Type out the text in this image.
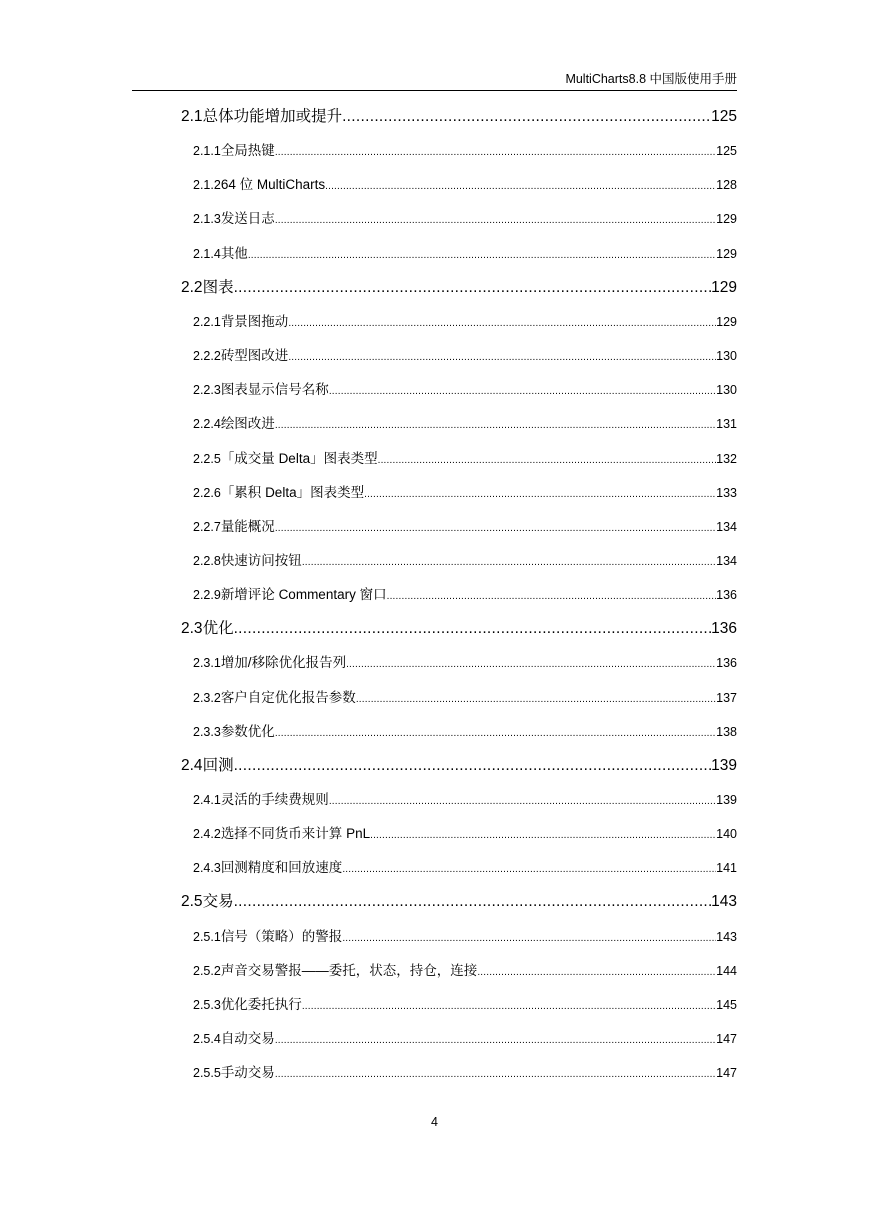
MultiCharts8.8 中国版使用手册
2.1 总体功能增加或提升 .....	125
2.1.1 全局热键 .....	125
2.1.2 64 位 MultiCharts .....	128
2.1.3 发送日志 .....	129
2.1.4 其他 .....	129
2.2 图表 .....	129
2.2.1 背景图拖动 .....	129
2.2.2 砖型图改进 .....	130
2.2.3 图表显示信号名称 .....	130
2.2.4 绘图改进 .....	131
2.2.5 「成交量 Delta」图表类型 .....	132
2.2.6 「累积 Delta」图表类型 .....	133
2.2.7 量能概况 .....	134
2.2.8 快速访问按钮 .....	134
2.2.9 新增评论 Commentary 窗口 .....	136
2.3 优化 .....	136
2.3.1 增加/移除优化报告列 .....	136
2.3.2 客户自定优化报告参数 .....	137
2.3.3 参数优化 .....	138
2.4 回测 .....	139
2.4.1 灵活的手续费规则 .....	139
2.4.2 选择不同货币来计算 PnL .....	140
2.4.3 回测精度和回放速度 .....	141
2.5 交易 .....	143
2.5.1 信号（策略）的警报 .....	143
2.5.2 声音交易警报——委托，状态，持仓，连接 .....	144
2.5.3 优化委托执行 .....	145
2.5.4 自动交易 .....	147
2.5.5 手动交易 .....	147
4
